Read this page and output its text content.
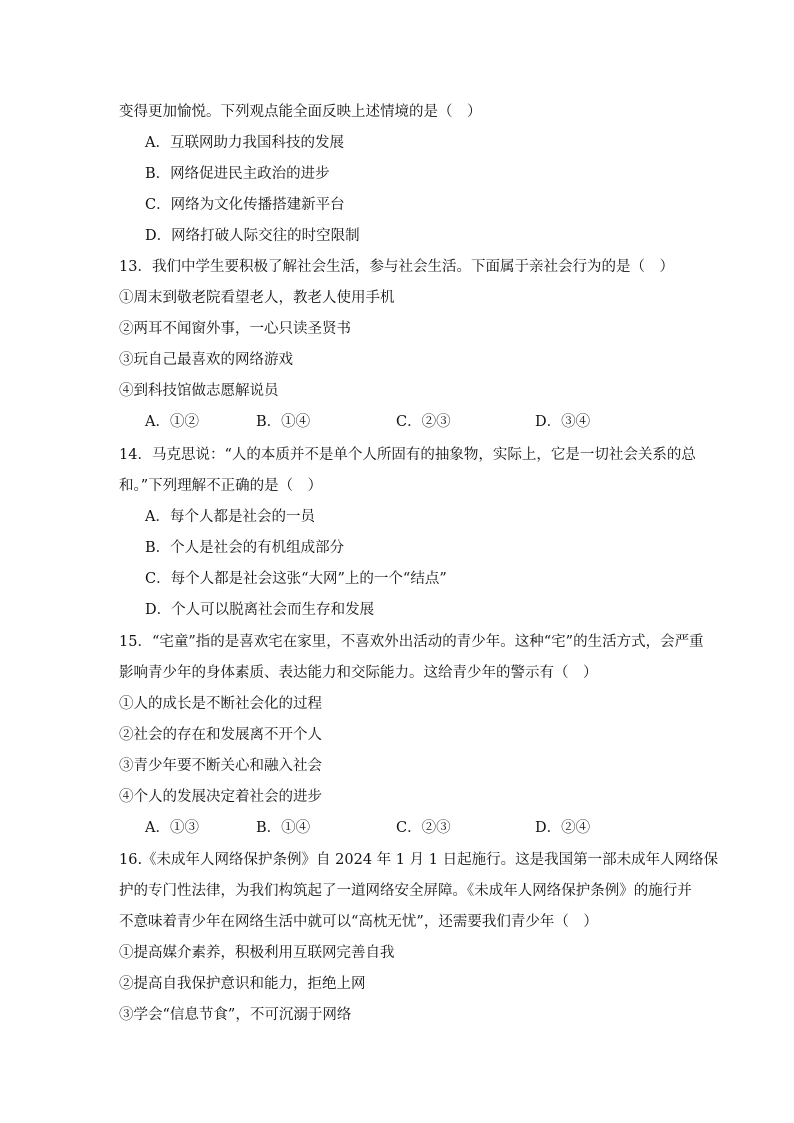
变得更加愉悦。下列观点能全面反映上述情境的是（　）
A．互联网助力我国科技的发展
B．网络促进民主政治的进步
C．网络为文化传播搭建新平台
D．网络打破人际交往的时空限制
13．我们中学生要积极了解社会生活，参与社会生活。下面属于亲社会行为的是（　）
①周末到敬老院看望老人，教老人使用手机
②两耳不闻窗外事，一心只读圣贤书
③玩自己最喜欢的网络游戏
④到科技馆做志愿解说员
A．①②	B．①④	C．②③	D．③④
14．马克思说：“人的本质并不是单个人所固有的抽象物，实际上，它是一切社会关系的总
和。”下列理解不正确的是（　）
A．每个人都是社会的一员
B．个人是社会的有机组成部分
C．每个人都是社会这张“大网”上的一个“结点”
D．个人可以脱离社会而生存和发展
15．“宅童”指的是喜欢宅在家里，不喜欢外出活动的青少年。这种“宅”的生活方式，会严重
影响青少年的身体素质、表达能力和交际能力。这给青少年的警示有（　）
①人的成长是不断社会化的过程
②社会的存在和发展离不开个人
③青少年要不断关心和融入社会
④个人的发展决定着社会的进步
A．①③	B．①④	C．②③	D．②④
16.《未成年人网络保护条例》自 2024 年 1 月 1 日起施行。这是我国第一部未成年人网络保
护的专门性法律，为我们构筑起了一道网络安全屏障。《未成年人网络保护条例》的施行并
不意味着青少年在网络生活中就可以“高枕无忧”，还需要我们青少年（　）
①提高媒介素养，积极利用互联网完善自我
②提高自我保护意识和能力，拒绝上网
③学会“信息节食”，不可沉溺于网络
